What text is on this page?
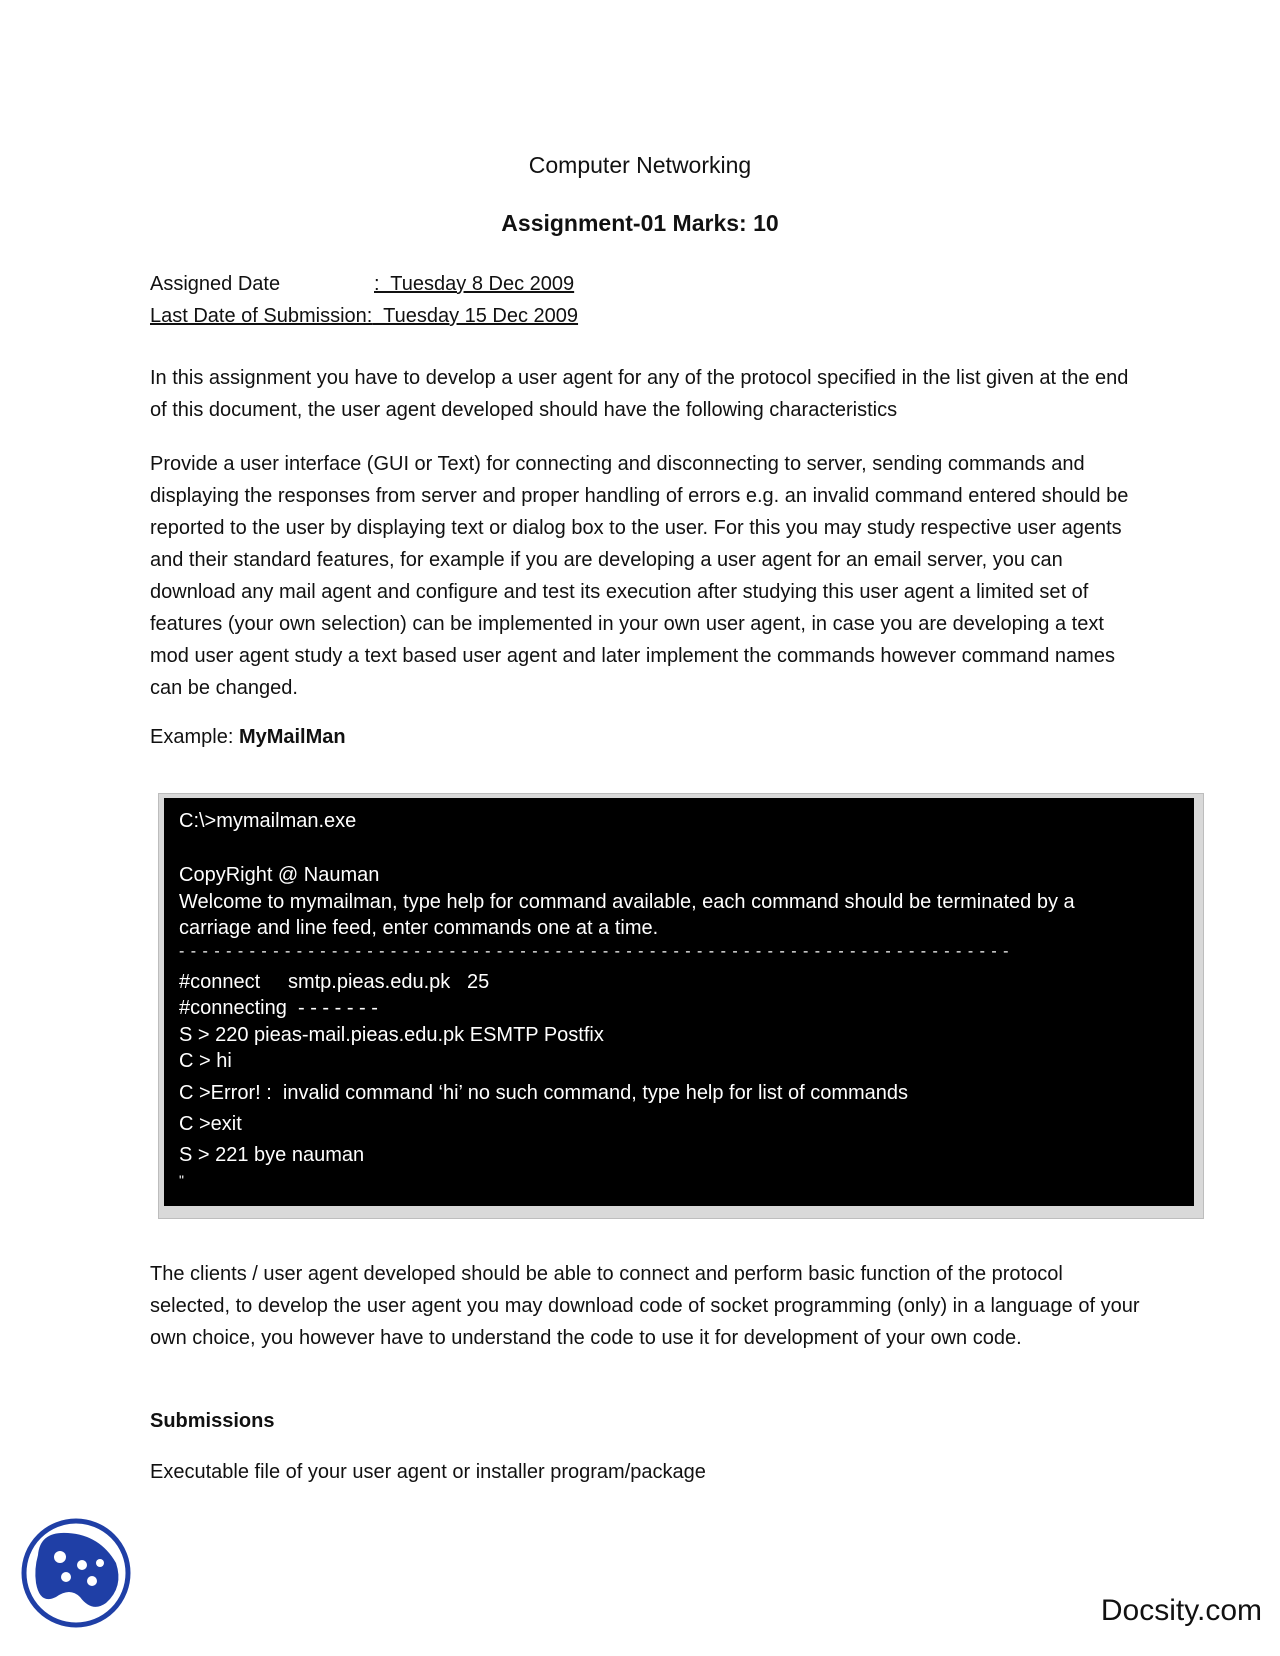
Computer Networking
Assignment-01 Marks: 10
Assigned Date	:  Tuesday 8 Dec 2009
Last Date of Submission:  Tuesday 15 Dec 2009

In this assignment you have to develop a user agent for any of the protocol specified in the list given at the end of this document, the user agent developed should have the following characteristics

Provide a user interface (GUI or Text) for connecting and disconnecting to server, sending commands and displaying the responses from server and proper handling of errors e.g. an invalid command entered should be reported to the user by displaying text or dialog box to the user. For this you may study respective user agents and their standard features, for example if you are developing a user agent for an email server, you can download any mail agent and configure and test its execution after studying this user agent a limited set of features (your own selection) can be implemented in your own user agent, in case you are developing a text mod user agent study a text based user agent and later implement the commands however command names can be changed.

Example: MyMailMan
C:\>mymailman.exe
CopyRight @ Nauman
Welcome to mymailman, type help for command available, each command should be terminated by a
carriage and line feed, enter commands one at a time.
- - - - - - - - - - - - - - - - - - - - - - - - - - - - - - - - - - - - - - - - - - - - - - - - - - - - - - - - - - - - - - - - - - - - - - -
#connect     smtp.pieas.edu.pk   25
#connecting  - - - - - - -
S > 220 pieas-mail.pieas.edu.pk ESMTP Postfix
C > hi
C >Error! :  invalid command ‘hi’ no such command, type help for list of commands
C >exit
S > 221 bye nauman
"

The clients / user agent developed should be able to connect and perform basic function of the protocol selected, to develop the user agent you may download code of socket programming (only) in a language of your own choice, you however have to understand the code to use it for development of your own code.

Submissions
Executable file of your user agent or installer program/package
Docsity.com
